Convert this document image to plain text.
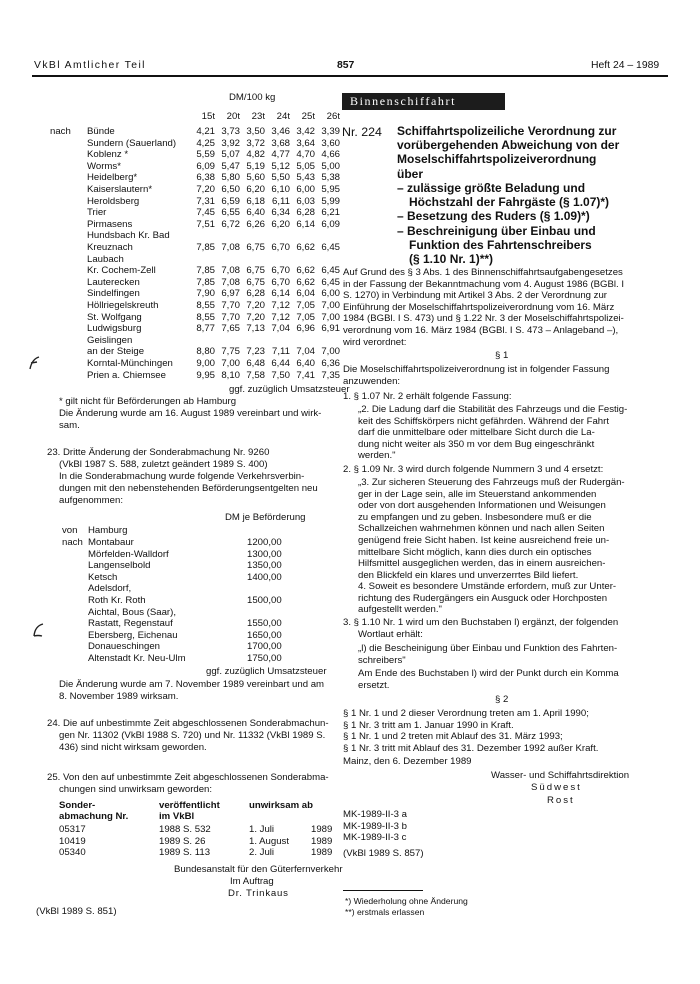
VkBl Amtlicher Teil	857	Heft 24 – 1989
DM/100 kg
15t	20t	23t	24t	25t	26t
nach Bünde	4,21 3,73 3,50 3,46 3,42 3,39
Sundern (Sauerland)	4,25 3,92 3,72 3,68 3,64 3,60
Koblenz *	5,59 5,07 4,82 4,77 4,70 4,66
Worms*	6,09 5,47 5,19 5,12 5,05 5,00
Heidelberg*	6,38 5,80 5,60 5,50 5,43 5,38
Kaiserslautern*	7,20 6,50 6,20 6,10 6,00 5,95
Heroldsberg	7,31 6,59 6,18 6,11 6,03 5,99
Trier	7,45 6,55 6,40 6,34 6,28 6,21
Pirmasens	7,51 6,72 6,26 6,20 6,14 6,09
Hundsbach Kr. Bad
Kreuznach	7,85 7,08 6,75 6,70 6,62 6,45
Laubach
Kr. Cochem-Zell	7,85 7,08 6,75 6,70 6,62 6,45
Lauterecken	7,85 7,08 6,75 6,70 6,62 6,45
Sindelfingen	7,90 6,97 6,28 6,14 6,04 6,00
Höllriegelskreuth	8,55 7,70 7,20 7,12 7,05 7,00
St. Wolfgang	8,55 7,70 7,20 7,12 7,05 7,00
Ludwigsburg	8,77 7,65 7,13 7,04 6,96 6,91
Geislingen
an der Steige	8,80 7,75 7,23 7,11 7,04 7,00
Korntal-Münchingen	9,00 7,00 6,48 6,44 6,40 6,36
Prien a. Chiemsee	9,95 8,10 7,58 7,50 7,41 7,35
ggf. zuzüglich Umsatzsteuer
* gilt nicht für Beförderungen ab Hamburg
Die Änderung wurde am 16. August 1989 vereinbart und wirk-
sam.
23. Dritte Änderung der Sonderabmachung Nr. 9260
(VkBl 1987 S. 588, zuletzt geändert 1989 S. 400)
In die Sonderabmachung wurde folgende Verkehrsverbin-
dungen mit den nebenstehenden Beförderungsentgelten neu
aufgenommen:
DM je Beförderung
von Hamburg
nach Montabaur	1200,00
Mörfelden-Walldorf	1300,00
Langenselbold	1350,00
Ketsch	1400,00
Adelsdorf,
Roth Kr. Roth	1500,00
Aichtal, Bous (Saar),
Rastatt, Regenstauf	1550,00
Ebersberg, Eichenau	1650,00
Donaueschingen	1700,00
Altenstadt Kr. Neu-Ulm	1750,00
ggf. zuzüglich Umsatzsteuer
Die Änderung wurde am 7. November 1989 vereinbart und am
8. November 1989 wirksam.
24. Die auf unbestimmte Zeit abgeschlossenen Sonderabmachun-
gen Nr. 11302 (VkBl 1988 S. 720) und Nr. 11332 (VkBl 1989 S.
436) sind nicht wirksam geworden.
25. Von den auf unbestimmte Zeit abgeschlossenen Sonderabma-
chungen sind unwirksam geworden:
Sonder-
abmachung Nr.
veröffentlicht
im VkBl
unwirksam ab
05317	1988 S. 532	1. Juli	1989
10419	1989 S. 26	1. August 1989
05340	1989 S. 113	2. Juli	1989
Bundesanstalt für den Güterfernverkehr
Im Auftrag
Dr. Trinkaus
(VkBl 1989 S. 851)
Binnenschiffahrt
Nr. 224 Schiffahrtspolizeiliche Verordnung zur
vorübergehenden Abweichung von der
Moselschiffahrtspolizeiverordnung
über
– zulässige größte Beladung und
Höchstzahl der Fahrgäste (§ 1.07)*)
– Besetzung des Ruders (§ 1.09)*)
– Beschreinigung über Einbau und
Funktion des Fahrtenschreibers
(§ 1.10 Nr. 1)**)
Auf Grund des § 3 Abs. 1 des Binnenschiffahrtsaufgabengesetzes
in der Fassung der Bekanntmachung vom 4. August 1986 (BGBl. I
S. 1270) in Verbindung mit Artikel 3 Abs. 2 der Verordnung zur
Einführung der Moselschiffahrtspolizeiverordnung vom 16. März
1984 (BGBl. I S. 473) und § 1.22 Nr. 3 der Moselschiffahrtspolizei-
verordnung vom 16. März 1984 (BGBl. I S. 473 – Anlageband –),
wird verordnet:
§ 1
Die Moselschiffahrtspolizeiverordnung ist in folgender Fassung
anzuwenden:
1. § 1.07 Nr. 2 erhält folgende Fassung:
„2. Die Ladung darf die Stabilität des Fahrzeugs und die Festig-
keit des Schiffskörpers nicht gefährden. Während der Fahrt
darf die unmittelbare oder mittelbare Sicht durch die La-
dung nicht weiter als 350 m vor dem Bug eingeschränkt
werden."
2. § 1.09 Nr. 3 wird durch folgende Nummern 3 und 4 ersetzt:
„3. Zur sicheren Steuerung des Fahrzeugs muß der Rudergän-
ger in der Lage sein, alle im Steuerstand ankommenden
oder von dort ausgehenden Informationen und Weisungen
zu empfangen und zu geben. Insbesondere muß er die
Schallzeichen wahrnehmen können und nach allen Seiten
genügend freie Sicht haben. Ist keine ausreichend freie un-
mittelbare Sicht möglich, kann dies durch ein optisches
Hilfsmittel ausgeglichen werden, das in einem ausreichen-
den Blickfeld ein klares und unverzerrtes Bild liefert.
4. Soweit es besondere Umstände erfordern, muß zur Unter-
richtung des Rudergängers ein Ausguck oder Horchposten
aufgestellt werden."
3. § 1.10 Nr. 1 wird um den Buchstaben l) ergänzt, der folgenden
Wortlaut erhält:
„l) die Bescheinigung über Einbau und Funktion des Fahrten-
schreibers"
Am Ende des Buchstaben l) wird der Punkt durch ein Komma
ersetzt.
§ 2
§ 1 Nr. 1 und 2 dieser Verordnung treten am 1. April 1990;
§ 1 Nr. 3 tritt am 1. Januar 1990 in Kraft.
§ 1 Nr. 1 und 2 treten mit Ablauf des 31. März 1993;
§ 1 Nr. 3 tritt mit Ablauf des 31. Dezember 1992 außer Kraft.
Mainz, den 6. Dezember 1989
Wasser- und Schiffahrtsdirektion
Südwest
Rost
MK-1989-II-3 a
MK-1989-II-3 b
MK-1989-II-3 c
(VkBl 1989 S. 857)
*) Wiederholung ohne Änderung
**) erstmals erlassen
